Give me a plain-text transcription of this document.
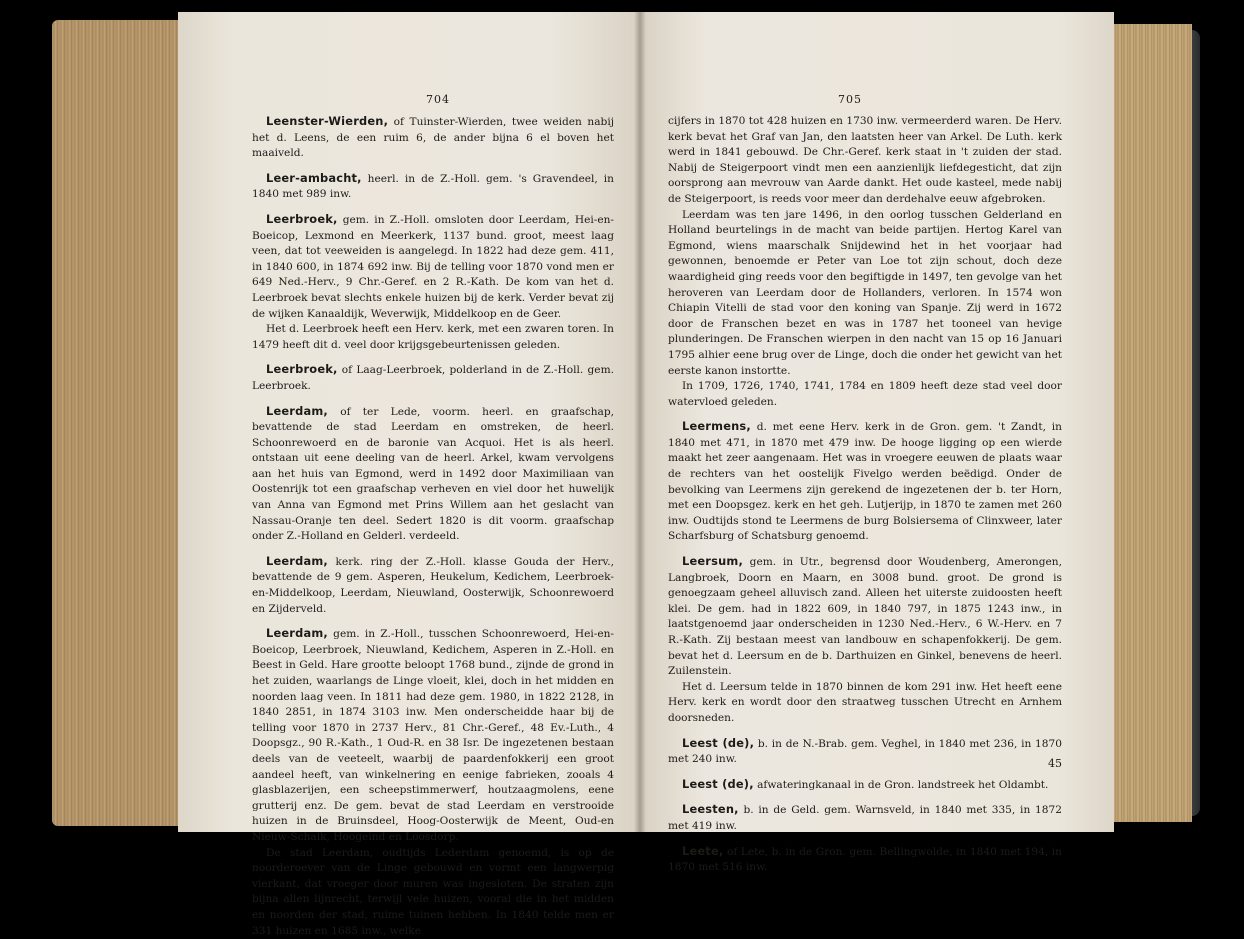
704

Leenster-Wierden, of Tuinster-Wierden, twee weiden nabij het d. Leens, de een ruim 6, de ander bijna 6 el boven het maaiveld.

Leer-ambacht, heerl. in de Z.-Holl. gem. 's Gravendeel, in 1840 met 989 inw.

Leerbroek, gem. in Z.-Holl. omsloten door Leerdam, Hei-en-Boeicop, Lexmond en Meerkerk, 1137 bund. groot, meest laag veen, dat tot veeweiden is aangelegd. In 1822 had deze gem. 411, in 1840 600, in 1874 692 inw. Bij de telling voor 1870 vond men er 649 Ned.-Herv., 9 Chr.-Geref. en 2 R.-Kath. De kom van het d. Leerbroek bevat slechts enkele huizen bij de kerk. Verder bevat zij de wijken Kanaaldijk, Weverwijk, Middelkoop en de Geer.

Het d. Leerbroek heeft een Herv. kerk, met een zwaren toren. In 1479 heeft dit d. veel door krijgsgebeurtenissen geleden.

Leerbroek, of Laag-Leerbroek, polderland in de Z.-Holl. gem. Leerbroek.

Leerdam, of ter Lede, voorm. heerl. en graafschap, bevattende de stad Leerdam en omstreken, de heerl. Schoonrewoerd en de baronie van Acquoi. Het is als heerl. ontstaan uit eene deeling van de heerl. Arkel, kwam vervolgens aan het huis van Egmond, werd in 1492 door Maximiliaan van Oostenrijk tot een graafschap verheven en viel door het huwelijk van Anna van Egmond met Prins Willem aan het geslacht van Nassau-Oranje ten deel. Sedert 1820 is dit voorm. graafschap onder Z.-Holland en Gelderl. verdeeld.

Leerdam, kerk. ring der Z.-Holl. klasse Gouda der Herv., bevattende de 9 gem. Asperen, Heukelum, Kedichem, Leerbroek-en-Middelkoop, Leerdam, Nieuwland, Oosterwijk, Schoonrewoerd en Zijderveld.

Leerdam, gem. in Z.-Holl., tusschen Schoonrewoerd, Hei-en-Boeicop, Leerbroek, Nieuwland, Kedichem, Asperen in Z.-Holl. en Beest in Geld. Hare grootte beloopt 1768 bund., zijnde de grond in het zuiden, waarlangs de Linge vloeit, klei, doch in het midden en noorden laag veen. In 1811 had deze gem. 1980, in 1822 2128, in 1840 2851, in 1874 3103 inw. Men onderscheidde haar bij de telling voor 1870 in 2737 Herv., 81 Chr.-Geref., 48 Ev.-Luth., 4 Doopsgz., 90 R.-Kath., 1 Oud-R. en 38 Isr. De ingezetenen bestaan deels van de veeteelt, waarbij de paardenfokkerij een groot aandeel heeft, van winkelnering en eenige fabrieken, zooals 4 glasblazerijen, een scheepstimmerwerf, houtzaagmolens, eene grutterij enz. De gem. bevat de stad Leerdam en verstrooide huizen in de Bruinsdeel, Hoog-Oosterwijk de Meent, Oud-en Nieuw-Schaik, Hoogeind en Loosdorp.

De stad Leerdam, oudtijds Lederdam genoemd, is op de noorderoever van de Linge gebouwd en vormt een langwerpig vierkant, dat vroeger door muren was ingesloten. De straten zijn bijna allen lijnrecht, terwijl vele huizen, vooral die in het midden en noorden der stad, ruime tuinen hebben. In 1840 telde men er 331 huizen en 1685 inw., welke

705

cijfers in 1870 tot 428 huizen en 1730 inw. vermeerderd waren. De Herv. kerk bevat het Graf van Jan, den laatsten heer van Arkel. De Luth. kerk werd in 1841 gebouwd. De Chr.-Geref. kerk staat in 't zuiden der stad. Nabij de Steigerpoort vindt men een aanzienlijk liefdegesticht, dat zijn oorsprong aan mevrouw van Aarde dankt. Het oude kasteel, mede nabij de Steigerpoort, is reeds voor meer dan derdehalve eeuw afgebroken.

Leerdam was ten jare 1496, in den oorlog tusschen Gelderland en Holland beurtelings in de macht van beide partijen. Hertog Karel van Egmond, wiens maarschalk Snijdewind het in het voorjaar had gewonnen, benoemde er Peter van Loe tot zijn schout, doch deze waardigheid ging reeds voor den begiftigde in 1497, ten gevolge van het heroveren van Leerdam door de Hollanders, verloren. In 1574 won Chiapin Vitelli de stad voor den koning van Spanje. Zij werd in 1672 door de Franschen bezet en was in 1787 het tooneel van hevige plunderingen. De Franschen wierpen in den nacht van 15 op 16 Januari 1795 alhier eene brug over de Linge, doch die onder het gewicht van het eerste kanon instortte.

In 1709, 1726, 1740, 1741, 1784 en 1809 heeft deze stad veel door watervloed geleden.

Leermens, d. met eene Herv. kerk in de Gron. gem. 't Zandt, in 1840 met 471, in 1870 met 479 inw. De hooge ligging op een wierde maakt het zeer aangenaam. Het was in vroegere eeuwen de plaats waar de rechters van het oostelijk Fivelgo werden beëdigd. Onder de bevolking van Leermens zijn gerekend de ingezetenen der b. ter Horn, met een Doopsgez. kerk en het geh. Lutjerijp, in 1870 te zamen met 260 inw. Oudtijds stond te Leermens de burg Bolsiersema of Clinxweer, later Scharfsburg of Schatsburg genoemd.

Leersum, gem. in Utr., begrensd door Woudenberg, Amerongen, Langbroek, Doorn en Maarn, en 3008 bund. groot. De grond is genoegzaam geheel alluvisch zand. Alleen het uiterste zuidoosten heeft klei. De gem. had in 1822 609, in 1840 797, in 1875 1243 inw., in laatstgenoemd jaar onderscheiden in 1230 Ned.-Herv., 6 W.-Herv. en 7 R.-Kath. Zij bestaan meest van landbouw en schapenfokkerij. De gem. bevat het d. Leersum en de b. Darthuizen en Ginkel, benevens de heerl. Zuilenstein.

Het d. Leersum telde in 1870 binnen de kom 291 inw. Het heeft eene Herv. kerk en wordt door den straatweg tusschen Utrecht en Arnhem doorsneden.

Leest (de), b. in de N.-Brab. gem. Veghel, in 1840 met 236, in 1870 met 240 inw.

Leest (de), afwateringkanaal in de Gron. landstreek het Oldambt.

Leesten, b. in de Geld. gem. Warnsveld, in 1840 met 335, in 1872 met 419 inw.

Leete, of Lete, b. in de Gron. gem. Bellingwolde, in 1840 met 194, in 1870 met 516 inw.

45
